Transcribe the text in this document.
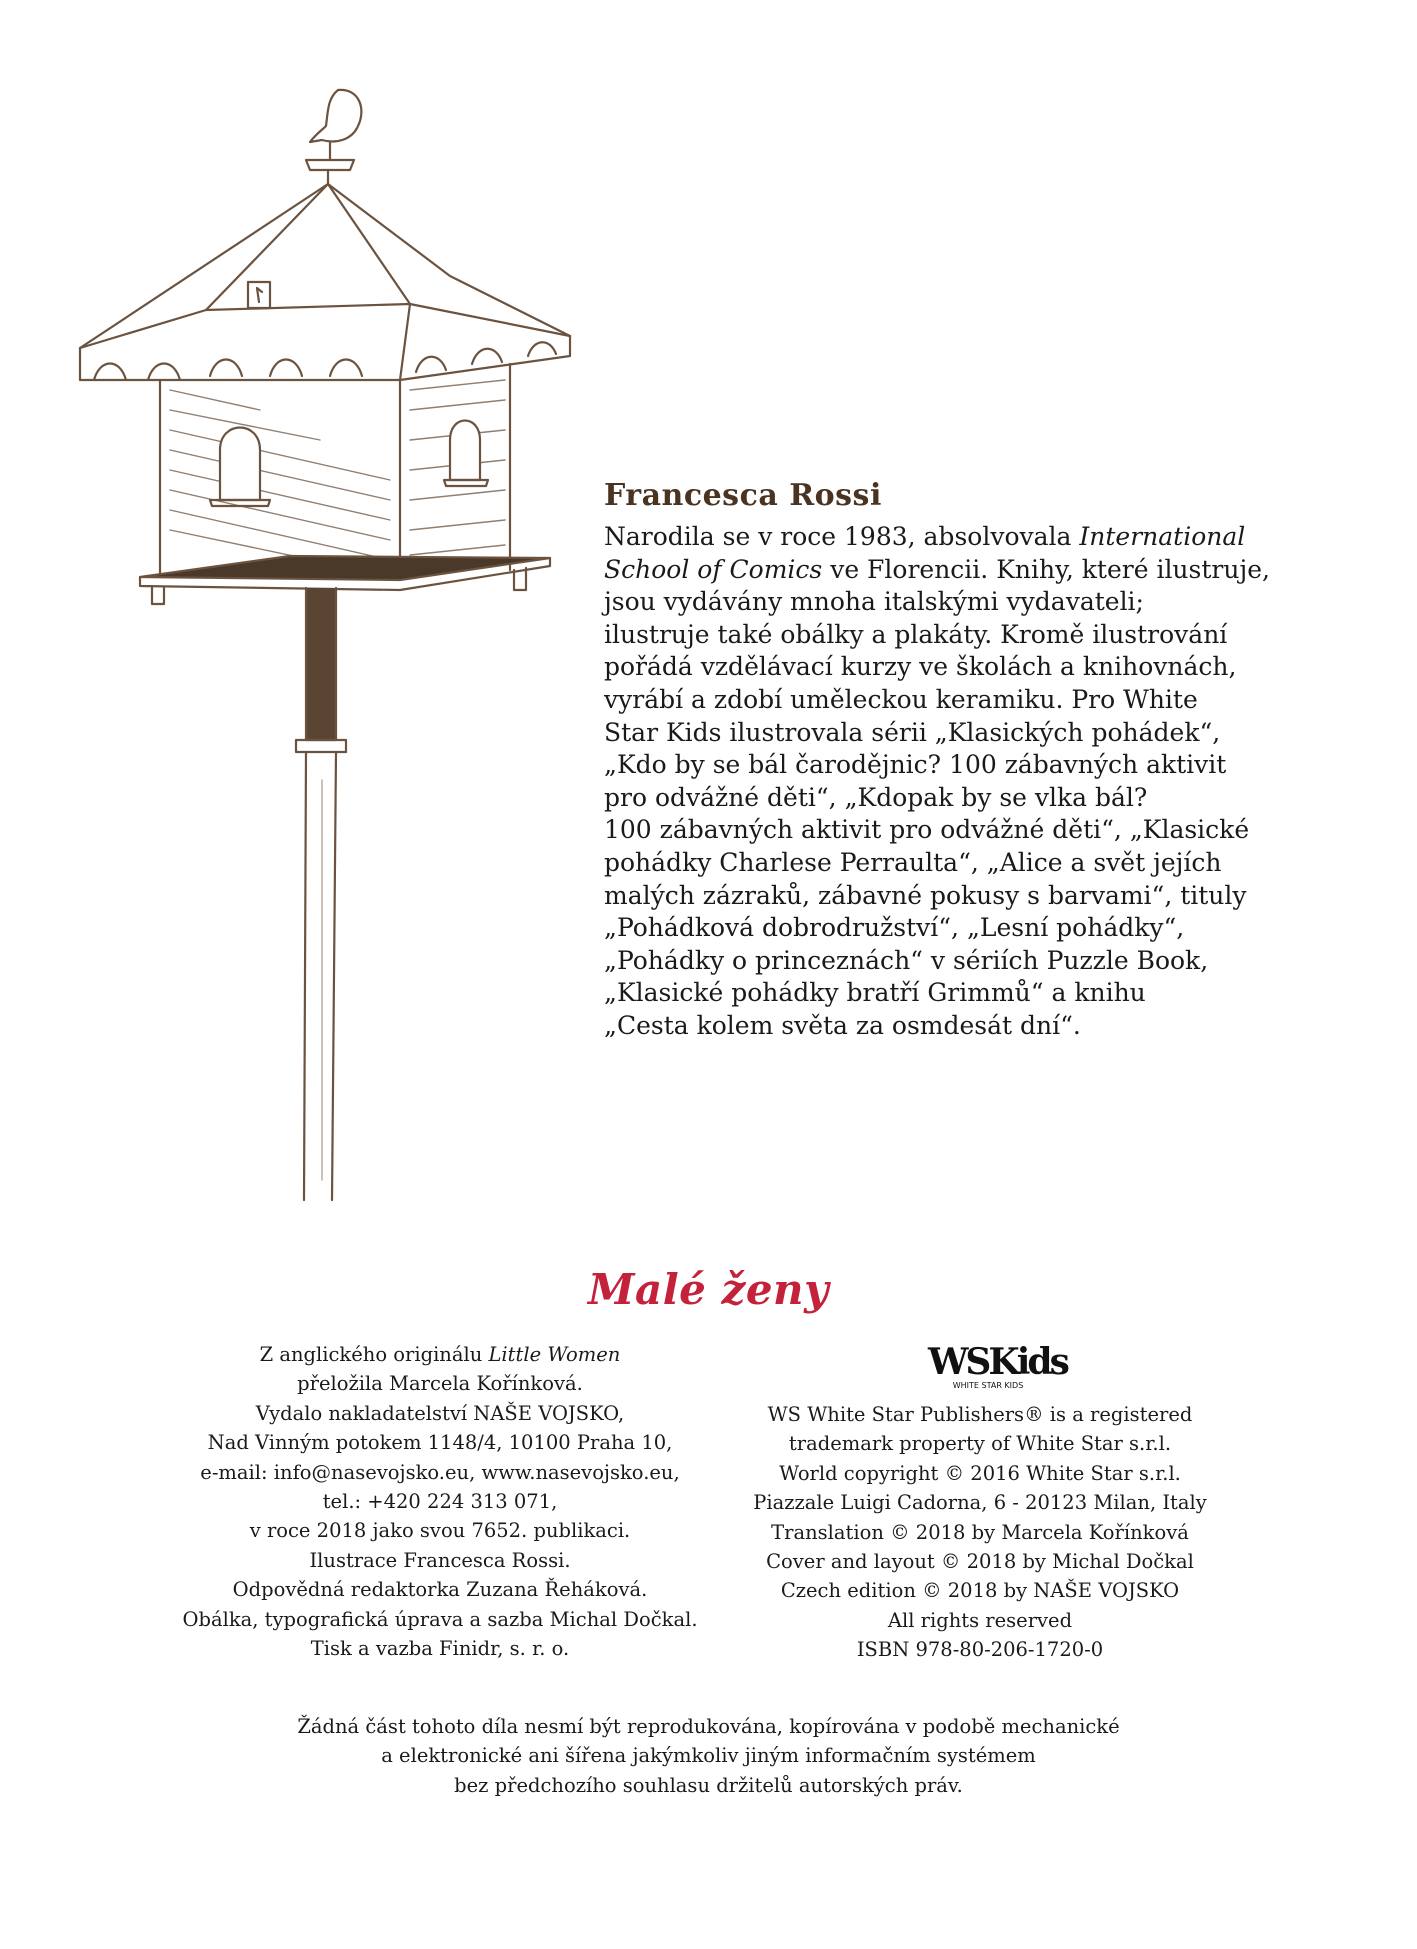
Francesca Rossi

Narodila se v roce 1983, absolvovala International
School of Comics ve Florencii. Knihy, které ilustruje,
jsou vydávány mnoha italskými vydavateli;
ilustruje také obálky a plakáty. Kromě ilustrování
pořádá vzdělávací kurzy ve školách a knihovnách,
vyrábí a zdobí uměleckou keramiku. Pro White
Star Kids ilustrovala sérii „Klasických pohádek“,
„Kdo by se bál čarodějnic? 100 zábavných aktivit
pro odvážné děti“, „Kdopak by se vlka bál?
100 zábavných aktivit pro odvážné děti“, „Klasické
pohádky Charlese Perraulta“, „Alice a svět jejích
malých zázraků, zábavné pokusy s barvami“, tituly
„Pohádková dobrodružství“, „Lesní pohádky“,
„Pohádky o princeznách“ v sériích Puzzle Book,
„Klasické pohádky bratří Grimmů“ a knihu
„Cesta kolem světa za osmdesát dní“.

Malé ženy
Z anglického originálu Little Women
přeložila Marcela Kořínková.
Vydalo nakladatelství NAŠE VOJSKO,
Nad Vinným potokem 1148/4, 10100 Praha 10,
e-mail: info@nasevojsko.eu, www.nasevojsko.eu,
tel.: +420 224 313 071,
v roce 2018 jako svou 7652. publikaci.
Ilustrace Francesca Rossi.
Odpovědná redaktorka Zuzana Řeháková.
Obálka, typografická úprava a sazba Michal Dočkal.
Tisk a vazba Finidr, s. r. o.
WSKids
WHITE STAR KIDS
WS White Star Publishers® is a registered
trademark property of White Star s.r.l.
World copyright © 2016 White Star s.r.l.
Piazzale Luigi Cadorna, 6 - 20123 Milan, Italy
Translation © 2018 by Marcela Kořínková
Cover and layout © 2018 by Michal Dočkal
Czech edition © 2018 by NAŠE VOJSKO
All rights reserved
ISBN 978-80-206-1720-0
Žádná část tohoto díla nesmí být reprodukována, kopírována v podobě mechanické
a elektronické ani šířena jakýmkoliv jiným informačním systémem
bez předchozího souhlasu držitelů autorských práv.
